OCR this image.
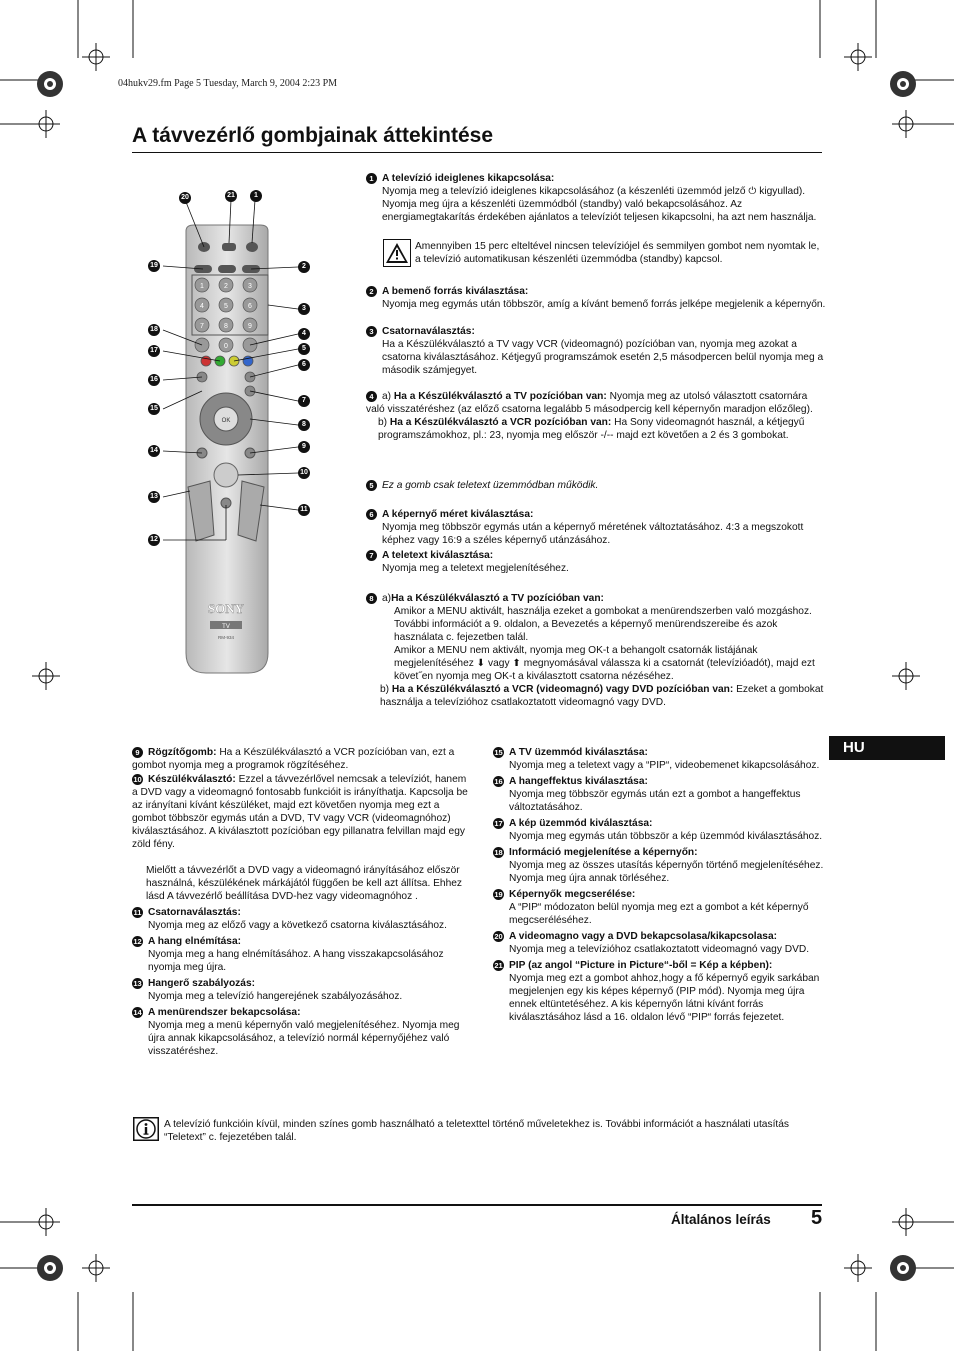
04hukv29.fm Page 5 Tuesday, March 9, 2004 2:23 PM
A távvezérlő gombjainak áttekintése
HU
1	2	3
4	5	6
7	8	9
0
OK
SONY
TV
RM-934
20	21	1
19	2
3
18
4
17	5
6
16
7
15
8
14
9
10
13
11
12
1 A televízió ideiglenes kikapcsolása:
Nyomja meg a televízió ideiglenes kikapcsolásához (a készenléti üzemmód jelző ⏻ kigyullad). Nyomja meg újra a készenléti üzemmódból (standby) való bekapcsolásához. Az energiamegtakarítás érdekében ajánlatos a televíziót teljesen kikapcsolni, ha azt nem használja.
Amennyiben 15 perc elteltével nincsen televíziójel és semmilyen gombot nem nyomtak le, a televízió automatikusan készenléti üzemmódba (standby) kapcsol.
2 A bemenő forrás kiválasztása:
Nyomja meg egymás után többször, amíg a kívánt bemenő forrás jelképe megjelenik a képernyőn.
3 Csatornaválasztás:
Ha a Készülékválasztó a TV vagy VCR (videomagnó) pozícióban van, nyomja meg azokat a csatorna kiválasztásához. Kétjegyű programszámok esetén 2,5 másodpercen belül nyomja meg a második számjegyet.
4 a) Ha a Készülékválasztó a TV pozícióban van: Nyomja meg az utolsó választott csatornára való visszatéréshez (az előző csatorna legalább 5 másodpercig kell képernyőn maradjon előzőleg).
b) Ha a Készülékválasztó a VCR pozícióban van: Ha Sony videomagnót használ, a kétjegyű programszámokhoz, pl.: 23, nyomja meg először -/-- majd ezt követően a 2 és 3 gombokat.
5 Ez a gomb csak teletext üzemmódban működik.
6 A képernyő méret kiválasztása:
Nyomja meg többször egymás után a képernyő méretének változtatásához. 4:3 a megszokott képhez vagy 16:9 a széles képernyő utánzásához.
7 A teletext kiválasztása:
Nyomja meg a teletext megjelenítéséhez.
8 a)Ha a Készülékválasztó a TV pozícióban van:
Amikor a MENU aktivált, használja ezeket a gombokat a menürendszerben való mozgáshoz. További információt a 9. oldalon, a Bevezetés a képernyő menürendszereibe és azok használata c. fejezetben talál.
Amikor a MENU nem aktivált, nyomja meg OK-t a behangolt csatornák listájának megjelenítéséhez ⬇ vagy ⬆ megnyomásával válassza ki a csatornát (televízióadót), majd ezt követ˝en nyomja meg OK-t a kiválasztott csatorna nézéséhez.
b) Ha a Készülékválasztó a VCR (videomagnó) vagy DVD pozícióban van: Ezeket a gombokat használja a televízióhoz csatlakoztatott videomagnó vagy DVD.
9 Rögzítőgomb: Ha a Készülékválasztó a VCR pozícióban van, ezt a gombot nyomja meg a programok rögzítéséhez.
10 Készülékválasztó: Ezzel a távvezérlővel nemcsak a televíziót, hanem a DVD vagy a videomagnó fontosabb funkcióit is irányíthatja. Kapcsolja be az irányítani kívánt készüléket, majd ezt követően nyomja meg ezt a gombot többször egymás után a DVD, TV vagy VCR (videomagnóhoz) kiválasztásához. A kiválasztott pozícióban egy pillanatra felvillan majd egy zöld fény.
Mielőtt a távvezérlőt a DVD vagy a videomagnó irányításához először használná, készülékének márkájától függően be kell azt állítsa. Ehhez lásd A távvezérlő beállítása DVD-hez vagy videomagnóhoz .
11 Csatornaválasztás:
Nyomja meg az előző vagy a következő csatorna kiválasztásához.
12 A hang elnémítása:
Nyomja meg a hang elnémításához. A hang visszakapcsolásához nyomja meg újra.
13 Hangerő szabályozás:
Nyomja meg a televízió hangerejének szabályozásához.
14 A menürendszer bekapcsolása:
Nyomja meg a menü képernyőn való megjelenítéséhez. Nyomja meg újra annak kikapcsolásához, a televízió normál képernyőjéhez való visszatéréshez.
15 A TV üzemmód kiválasztása:
Nyomja meg a teletext vagy a “PIP“, videobemenet kikapcsolásához.
16 A hangeffektus kiválasztása:
Nyomja meg többször egymás után ezt a gombot a hangeffektus változtatásához.
17 A kép üzemmód kiválasztása:
Nyomja meg egymás után többször a kép üzemmód kiválasztásához.
18 Információ megjelenítése a képernyőn:
Nyomja meg az összes utasítás képernyőn történő megjelenítéséhez. Nyomja meg újra annak törléséhez.
19 Képernyők megcserélése:
A “PIP“ módozaton belül nyomja meg ezt a gombot a két képernyő megcseréléséhez.
20 A videomagno vagy a DVD bekapcsolasa/kikapcsolasa:
Nyomja meg a televízióhoz csatlakoztatott videomagnó vagy DVD.
21 PIP (az angol “Picture in Picture“-ből = Kép a képben):
Nyomja meg ezt a gombot ahhoz,hogy a fő képernyő egyik sarkában megjelenjen egy kis képes képernyő (PIP mód). Nyomja meg újra ennek eltüntetéséhez. A kis képernyőn látni kívánt forrás kiválasztásához lásd a 16. oldalon lévő “PIP“ forrás fejezetet.
A televízió funkcióin kívül, minden színes gomb használható a teletexttel történő műveletekhez is. További információt a használati utasítás “Teletext” c. fejezetében talál.
Általános leírás 5
